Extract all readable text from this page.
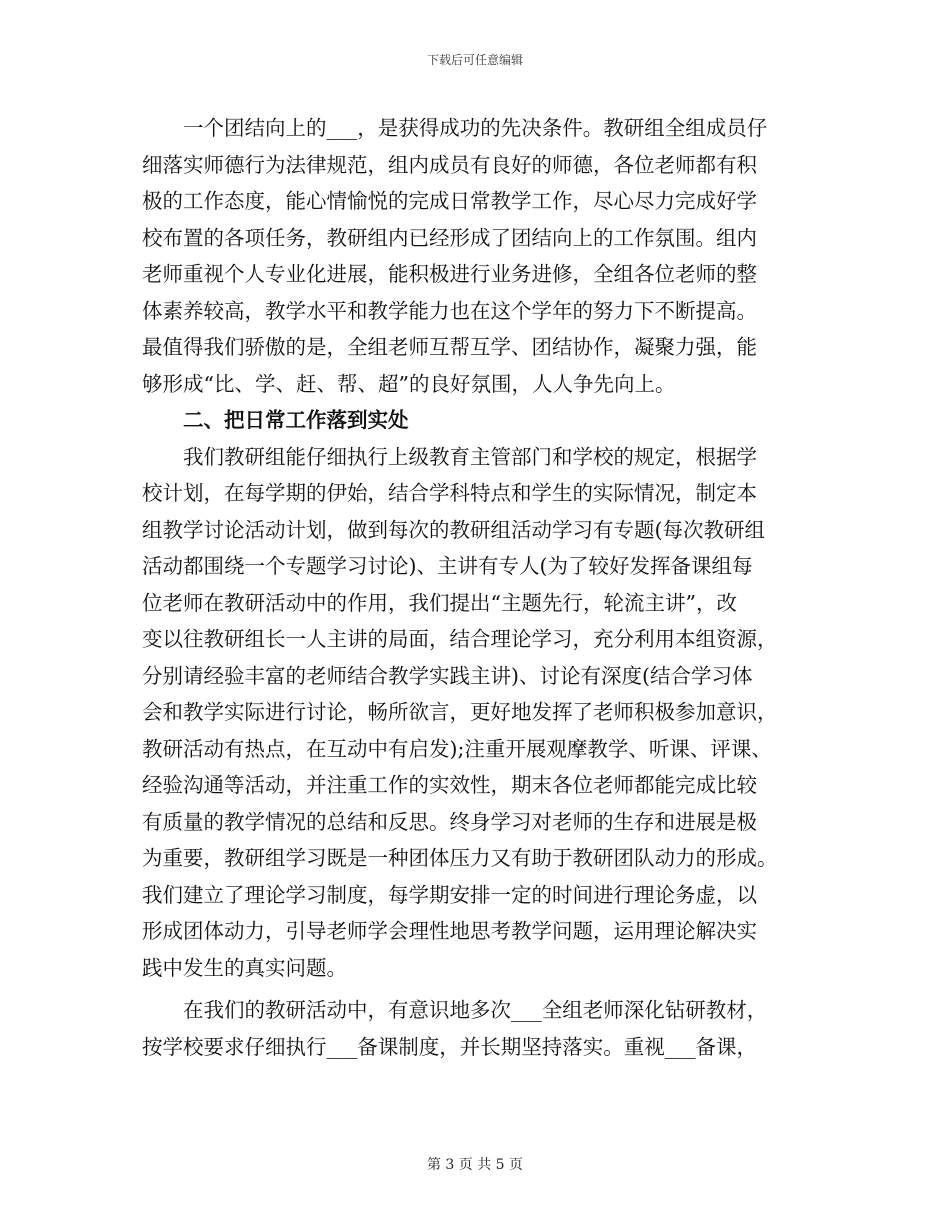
下载后可任意编辑

一个团结向上的___，是获得成功的先决条件。教研组全组成员仔
细落实师德行为法律规范，组内成员有良好的师德，各位老师都有积
极的工作态度，能心情愉悦的完成日常教学工作，尽心尽力完成好学
校布置的各项任务，教研组内已经形成了团结向上的工作氛围。组内
老师重视个人专业化进展，能积极进行业务进修，全组各位老师的整
体素养较高，教学水平和教学能力也在这个学年的努力下不断提高。
最值得我们骄傲的是，全组老师互帮互学、团结协作，凝聚力强，能
够形成“比、学、赶、帮、超”的良好氛围，人人争先向上。

二、把日常工作落到实处

我们教研组能仔细执行上级教育主管部门和学校的规定，根据学
校计划，在每学期的伊始，结合学科特点和学生的实际情况，制定本
组教学讨论活动计划，做到每次的教研组活动学习有专题(每次教研组
活动都围绕一个专题学习讨论)、主讲有专人(为了较好发挥备课组每
位老师在教研活动中的作用，我们提出“主题先行，轮流主讲”，改
变以往教研组长一人主讲的局面，结合理论学习，充分利用本组资源，
分别请经验丰富的老师结合教学实践主讲)、讨论有深度(结合学习体
会和教学实际进行讨论，畅所欲言，更好地发挥了老师积极参加意识，
教研活动有热点，在互动中有启发);注重开展观摩教学、听课、评课、
经验沟通等活动，并注重工作的实效性，期末各位老师都能完成比较
有质量的教学情况的总结和反思。终身学习对老师的生存和进展是极
为重要，教研组学习既是一种团体压力又有助于教研团队动力的形成。
我们建立了理论学习制度，每学期安排一定的时间进行理论务虚，以
形成团体动力，引导老师学会理性地思考教学问题，运用理论解决实
践中发生的真实问题。

在我们的教研活动中，有意识地多次___全组老师深化钻研教材，
按学校要求仔细执行___备课制度，并长期坚持落实。重视___备课，

第 3 页 共 5 页
